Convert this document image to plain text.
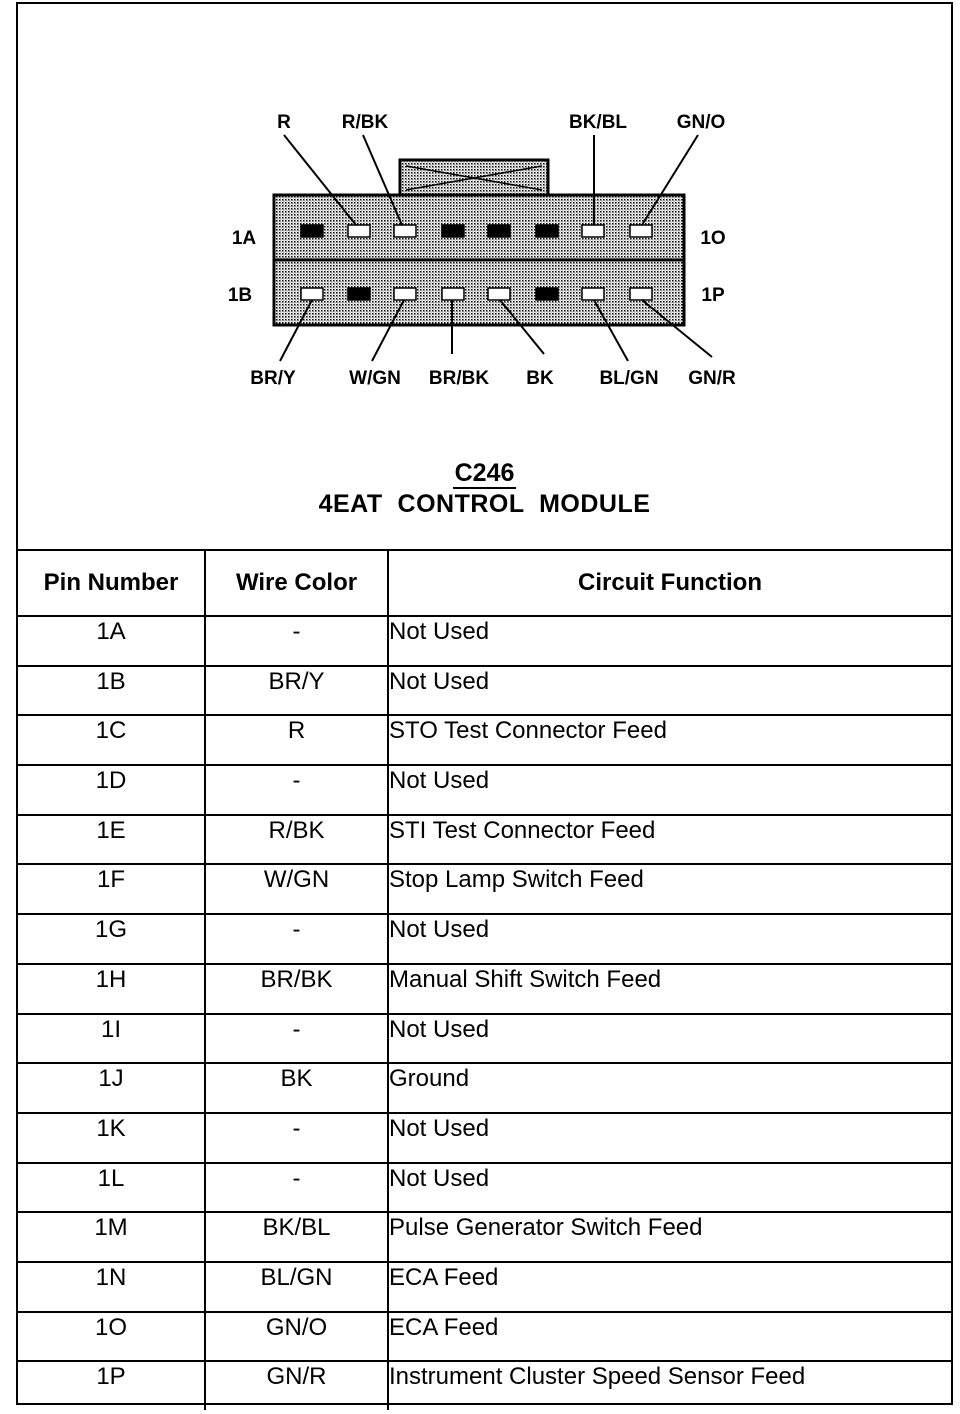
R	R/BK	BK/BL	GN/O
1A	1O
1B	1P
BR/Y	W/GN BR/BK BK BL/GN GN/R
C246
4EAT  CONTROL  MODULE
Pin Number	Wire Color	Circuit Function
1A	-	Not Used
1B	BR/Y	Not Used
1C	R	STO Test Connector Feed
1D	-	Not Used
1E	R/BK	STI Test Connector Feed
1F	W/GN	Stop Lamp Switch Feed
1G	-	Not Used
1H	BR/BK	Manual Shift Switch Feed
1I	-	Not Used
1J	BK	Ground
1K	-	Not Used
1L	-	Not Used
1M	BK/BL	Pulse Generator Switch Feed
1N	BL/GN	ECA Feed
1O	GN/O	ECA Feed
1P	GN/R	Instrument Cluster Speed Sensor Feed
